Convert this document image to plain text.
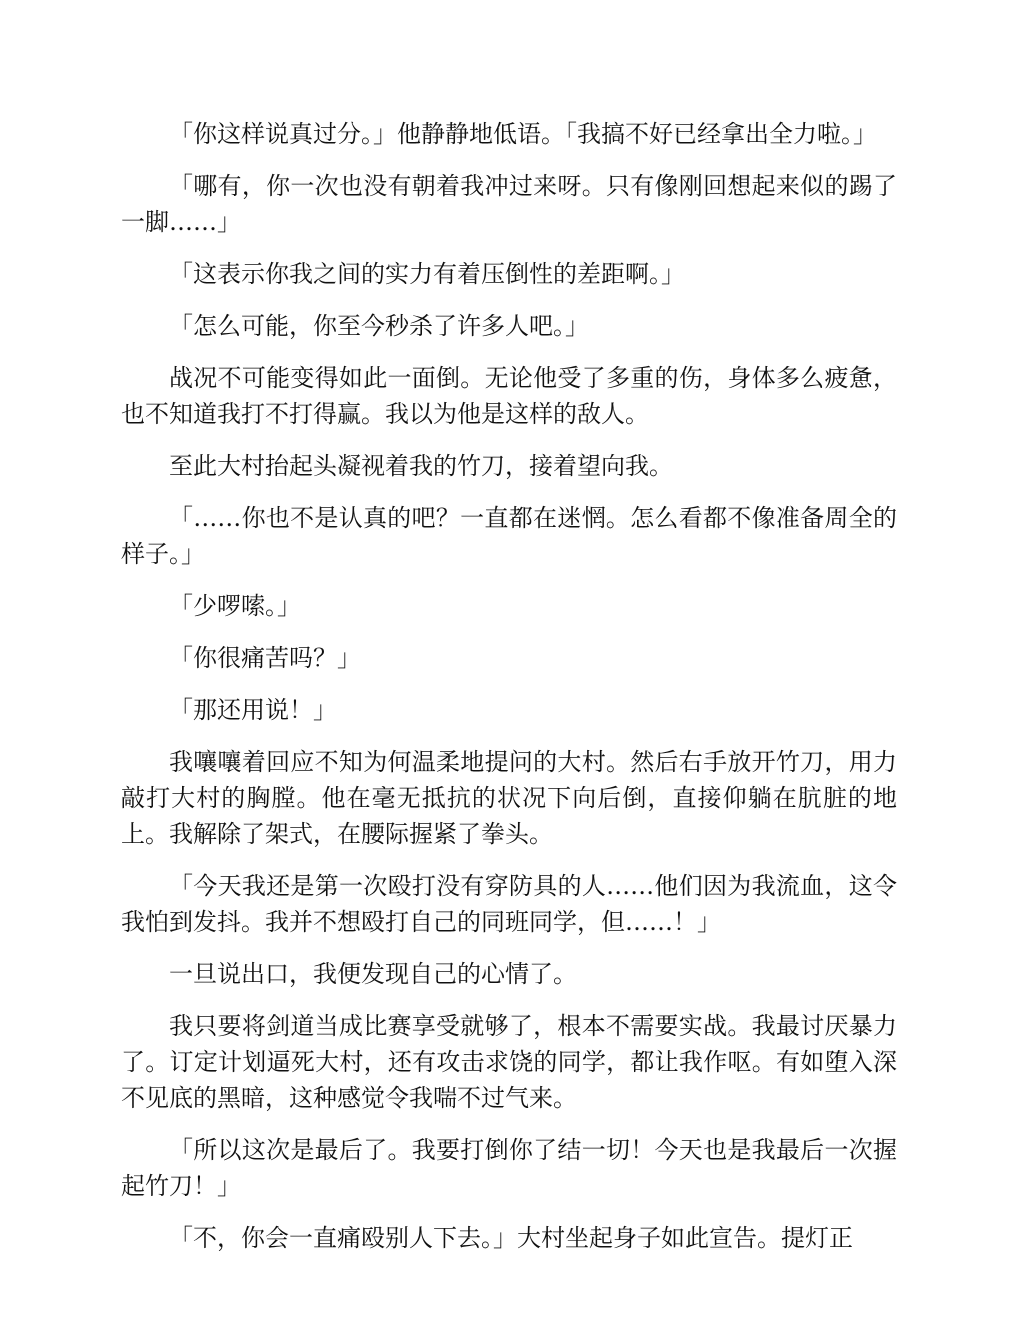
「你这样说真过分。」他静静地低语。「我搞不好已经拿出全力啦。」

「哪有，你一次也没有朝着我冲过来呀。只有像刚回想起来似的踢了一脚……」

「这表示你我之间的实力有着压倒性的差距啊。」

「怎么可能，你至今秒杀了许多人吧。」

战况不可能变得如此一面倒。无论他受了多重的伤，身体多么疲惫，也不知道我打不打得赢。我以为他是这样的敌人。

至此大村抬起头凝视着我的竹刀，接着望向我。

「……你也不是认真的吧？一直都在迷惘。怎么看都不像准备周全的样子。」

「少啰嗦。」

「你很痛苦吗？」

「那还用说！」

我嚷嚷着回应不知为何温柔地提问的大村。然后右手放开竹刀，用力敲打大村的胸膛。他在毫无抵抗的状况下向后倒，直接仰躺在肮脏的地上。我解除了架式，在腰际握紧了拳头。

「今天我还是第一次殴打没有穿防具的人……他们因为我流血，这令我怕到发抖。我并不想殴打自己的同班同学，但……！」

一旦说出口，我便发现自己的心情了。

我只要将剑道当成比赛享受就够了，根本不需要实战。我最讨厌暴力了。订定计划逼死大村，还有攻击求饶的同学，都让我作呕。有如堕入深不见底的黑暗，这种感觉令我喘不过气来。

「所以这次是最后了。我要打倒你了结一切！今天也是我最后一次握起竹刀！」

「不，你会一直痛殴别人下去。」大村坐起身子如此宣告。提灯正
